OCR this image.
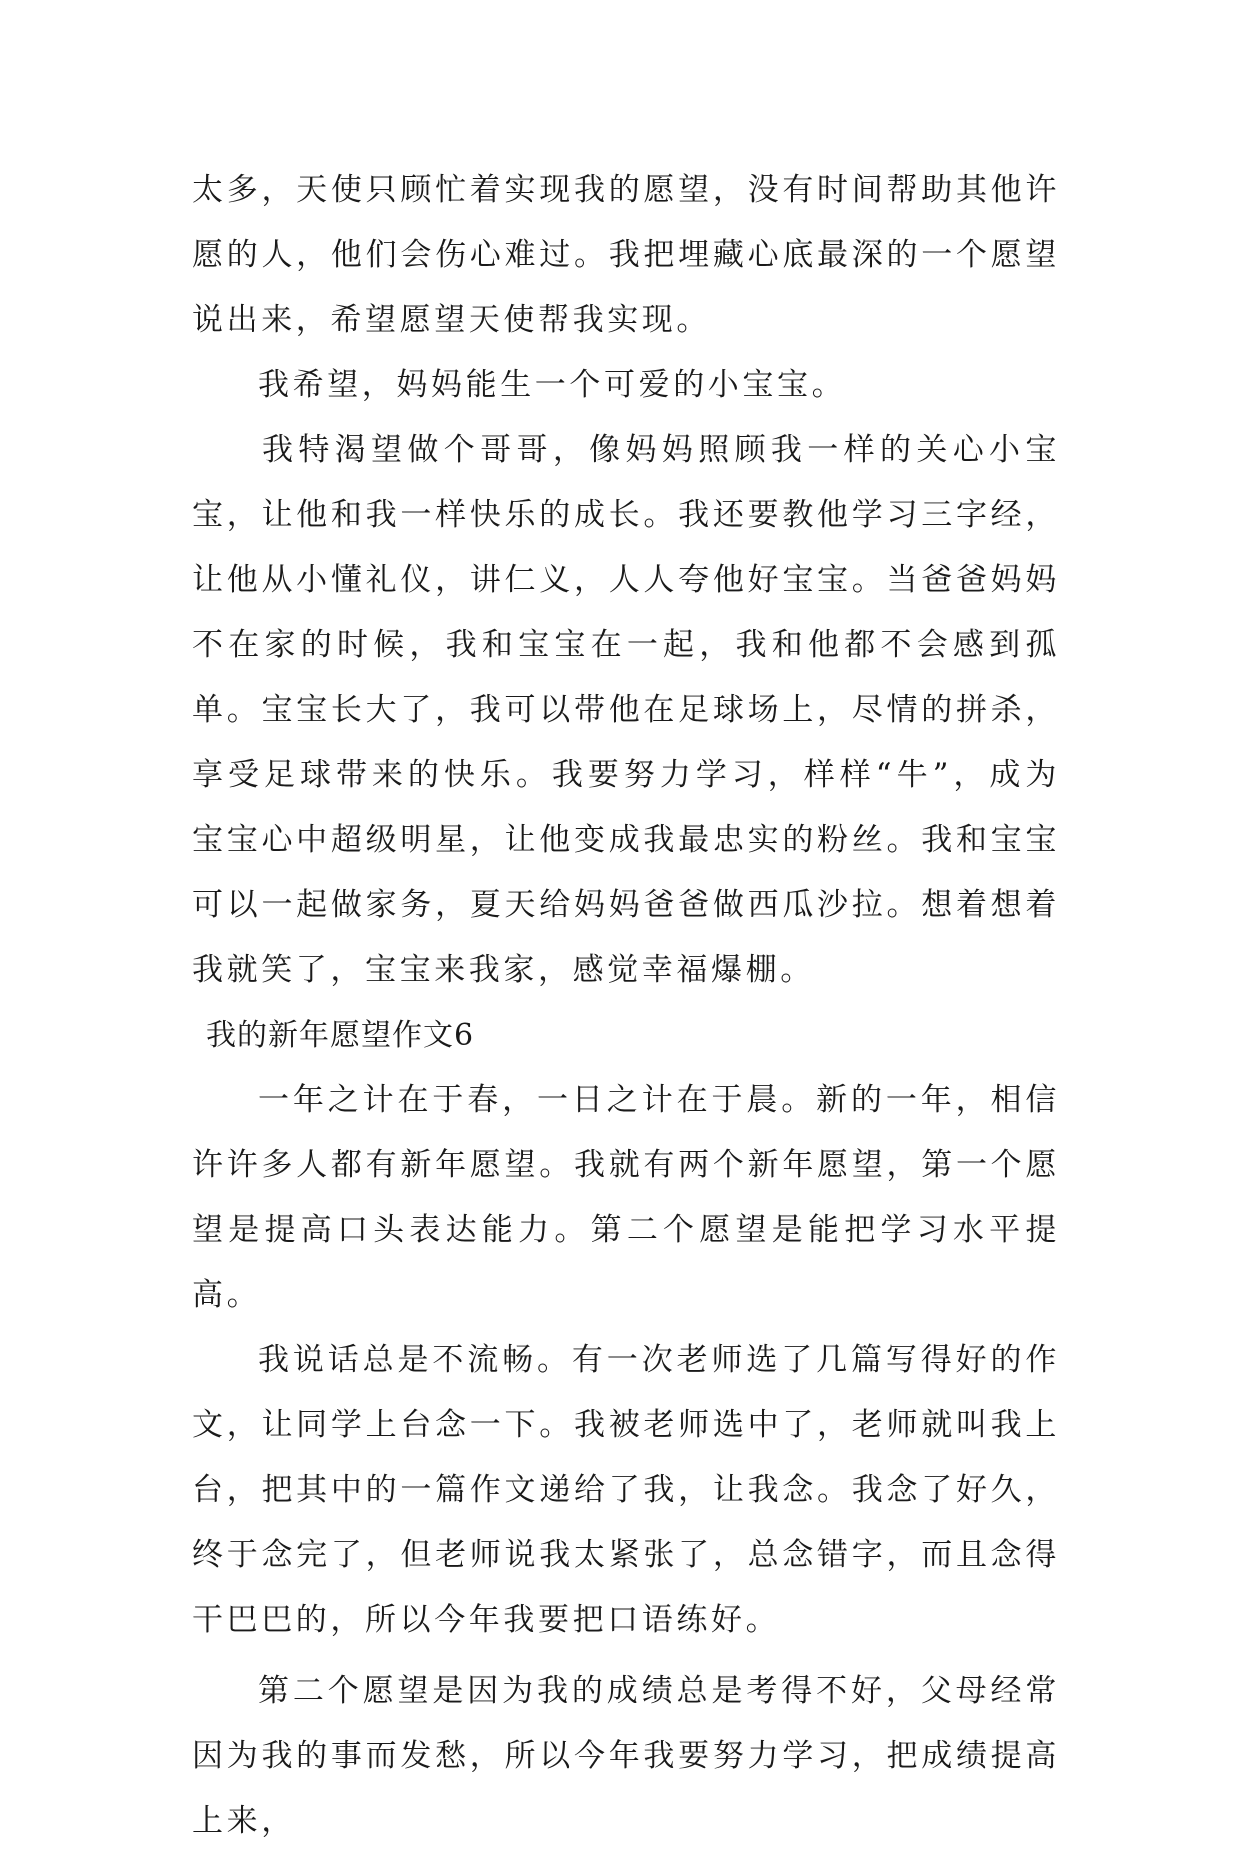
太多，天使只顾忙着实现我的愿望，没有时间帮助其他许愿的人，他们会伤心难过。我把埋藏心底最深的一个愿望说出来，希望愿望天使帮我实现。

我希望，妈妈能生一个可爱的小宝宝。

我特渴望做个哥哥，像妈妈照顾我一样的关心小宝宝，让他和我一样快乐的成长。我还要教他学习三字经，让他从小懂礼仪，讲仁义，人人夸他好宝宝。当爸爸妈妈不在家的时候，我和宝宝在一起，我和他都不会感到孤单。宝宝长大了，我可以带他在足球场上，尽情的拼杀，享受足球带来的快乐。我要努力学习，样样“牛”，成为宝宝心中超级明星，让他变成我最忠实的粉丝。我和宝宝可以一起做家务，夏天给妈妈爸爸做西瓜沙拉。想着想着我就笑了，宝宝来我家，感觉幸福爆棚。

我的新年愿望作文6

一年之计在于春，一日之计在于晨。新的一年，相信许许多人都有新年愿望。我就有两个新年愿望，第一个愿望是提高口头表达能力。第二个愿望是能把学习水平提高。

我说话总是不流畅。有一次老师选了几篇写得好的作文，让同学上台念一下。我被老师选中了，老师就叫我上台，把其中的一篇作文递给了我，让我念。我念了好久，终于念完了，但老师说我太紧张了，总念错字，而且念得干巴巴的，所以今年我要把口语练好。

第二个愿望是因为我的成绩总是考得不好，父母经常因为我的事而发愁，所以今年我要努力学习，把成绩提高上来，
